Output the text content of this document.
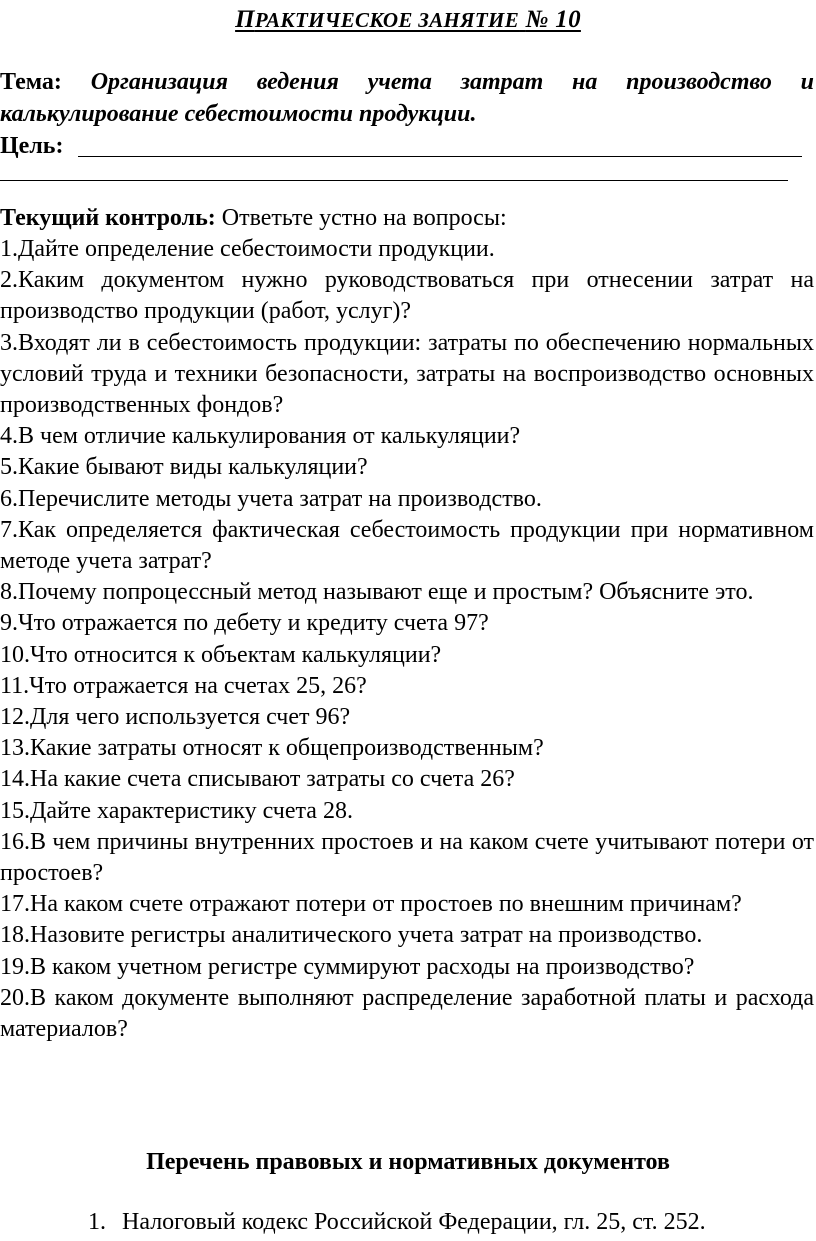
ПРАКТИЧЕСКОЕ ЗАНЯТИЕ № 10
Тема: Организация ведения учета затрат на производство и калькулирование себестоимости продукции.
Цель:
Текущий контроль: Ответьте устно на вопросы:
1.Дайте определение себестоимости продукции.
2.Каким документом нужно руководствоваться при отнесении затрат на производство продукции (работ, услуг)?
3.Входят ли в себестоимость продукции: затраты по обеспечению нормальных условий труда и техники безопасности, затраты на воспроизводство основных производственных фондов?
4.В чем отличие калькулирования от калькуляции?
5.Какие бывают виды калькуляции?
6.Перечислите методы учета затрат на производство.
7.Как определяется фактическая себестоимость продукции при нормативном методе учета затрат?
8.Почему попроцессный метод называют еще и простым? Объясните это.
9.Что отражается по дебету и кредиту счета 97?
10.Что относится к объектам калькуляции?
11.Что отражается на счетах 25, 26?
12.Для чего используется счет 96?
13.Какие затраты относят к общепроизводственным?
14.На какие счета списывают затраты со счета 26?
15.Дайте характеристику счета 28.
16.В чем причины внутренних простоев и на каком счете учитывают потери от простоев?
17.На каком счете отражают потери от простоев по внешним причинам?
18.Назовите регистры аналитического учета затрат на производство.
19.В каком учетном регистре суммируют расходы на производство?
20.В каком документе выполняют распределение заработной платы и расхода материалов?
Перечень правовых и нормативных документов
1. Налоговый кодекс Российской Федерации, гл. 25, ст. 252.
